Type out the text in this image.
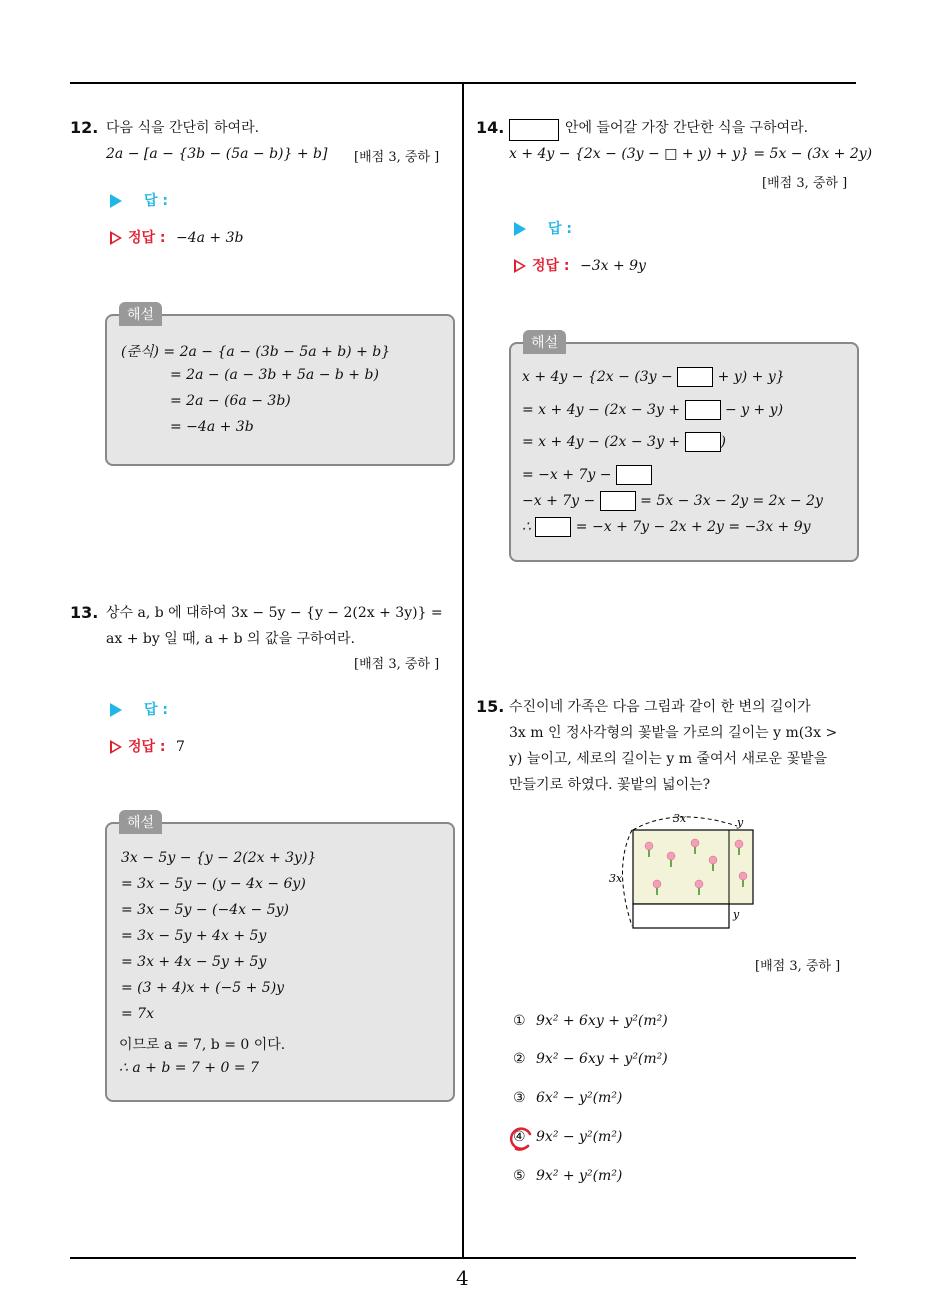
4
12. 다음 식을 간단히 하여라.
2a − [a − {3b − (5a − b)} + b] [배점 3, 중하 ]
답 :
정답 : −4a + 3b
해설
(준식) = 2a − {a − (3b − 5a + b) + b}
= 2a − (a − 3b + 5a − b + b)
= 2a − (6a − 3b)
= −4a + 3b
13. 상수 a, b 에 대하여 3x − 5y − {y − 2(2x + 3y)} =
ax + by 일 때, a + b 의 값을 구하여라.
[배점 3, 중하 ]
답 :
정답 : 7
해설
3x − 5y − {y − 2(2x + 3y)}
= 3x − 5y − (y − 4x − 6y)
= 3x − 5y − (−4x − 5y)
= 3x − 5y + 4x + 5y
= 3x + 4x − 5y + 5y
= (3 + 4)x + (−5 + 5)y
= 7x
이므로 a = 7, b = 0 이다.
∴ a + b = 7 + 0 = 7
14.	안에 들어갈 가장 간단한 식을 구하여라.
x + 4y − {2x − (3y − □ + y) + y} = 5x − (3x + 2y)
[배점 3, 중하 ]
답 :
정답 : −3x + 9y
해설
x + 4y − {2x − (3y −	+ y) + y}
= x + 4y − (2x − 3y +	− y + y)
= x + 4y − (2x − 3y +	)
= −x + 7y −
−x + 7y −	= 5x − 3x − 2y = 2x − 2y
∴	= −x + 7y − 2x + 2y = −3x + 9y
15. 수진이네 가족은 다음 그림과 같이 한 변의 길이가
3x m 인 정사각형의 꽃밭을 가로의 길이는 y m(3x >
y) 늘이고, 세로의 길이는 y m 줄여서 새로운 꽃밭을
만들기로 하였다. 꽃밭의 넓이는?
3x
3x
y
y
[배점 3, 중하 ]
① 9x² + 6xy + y²(m²)
② 9x² − 6xy + y²(m²)
③ 6x² − y²(m²)
④ 9x² − y²(m²)
⑤ 9x² + y²(m²)
